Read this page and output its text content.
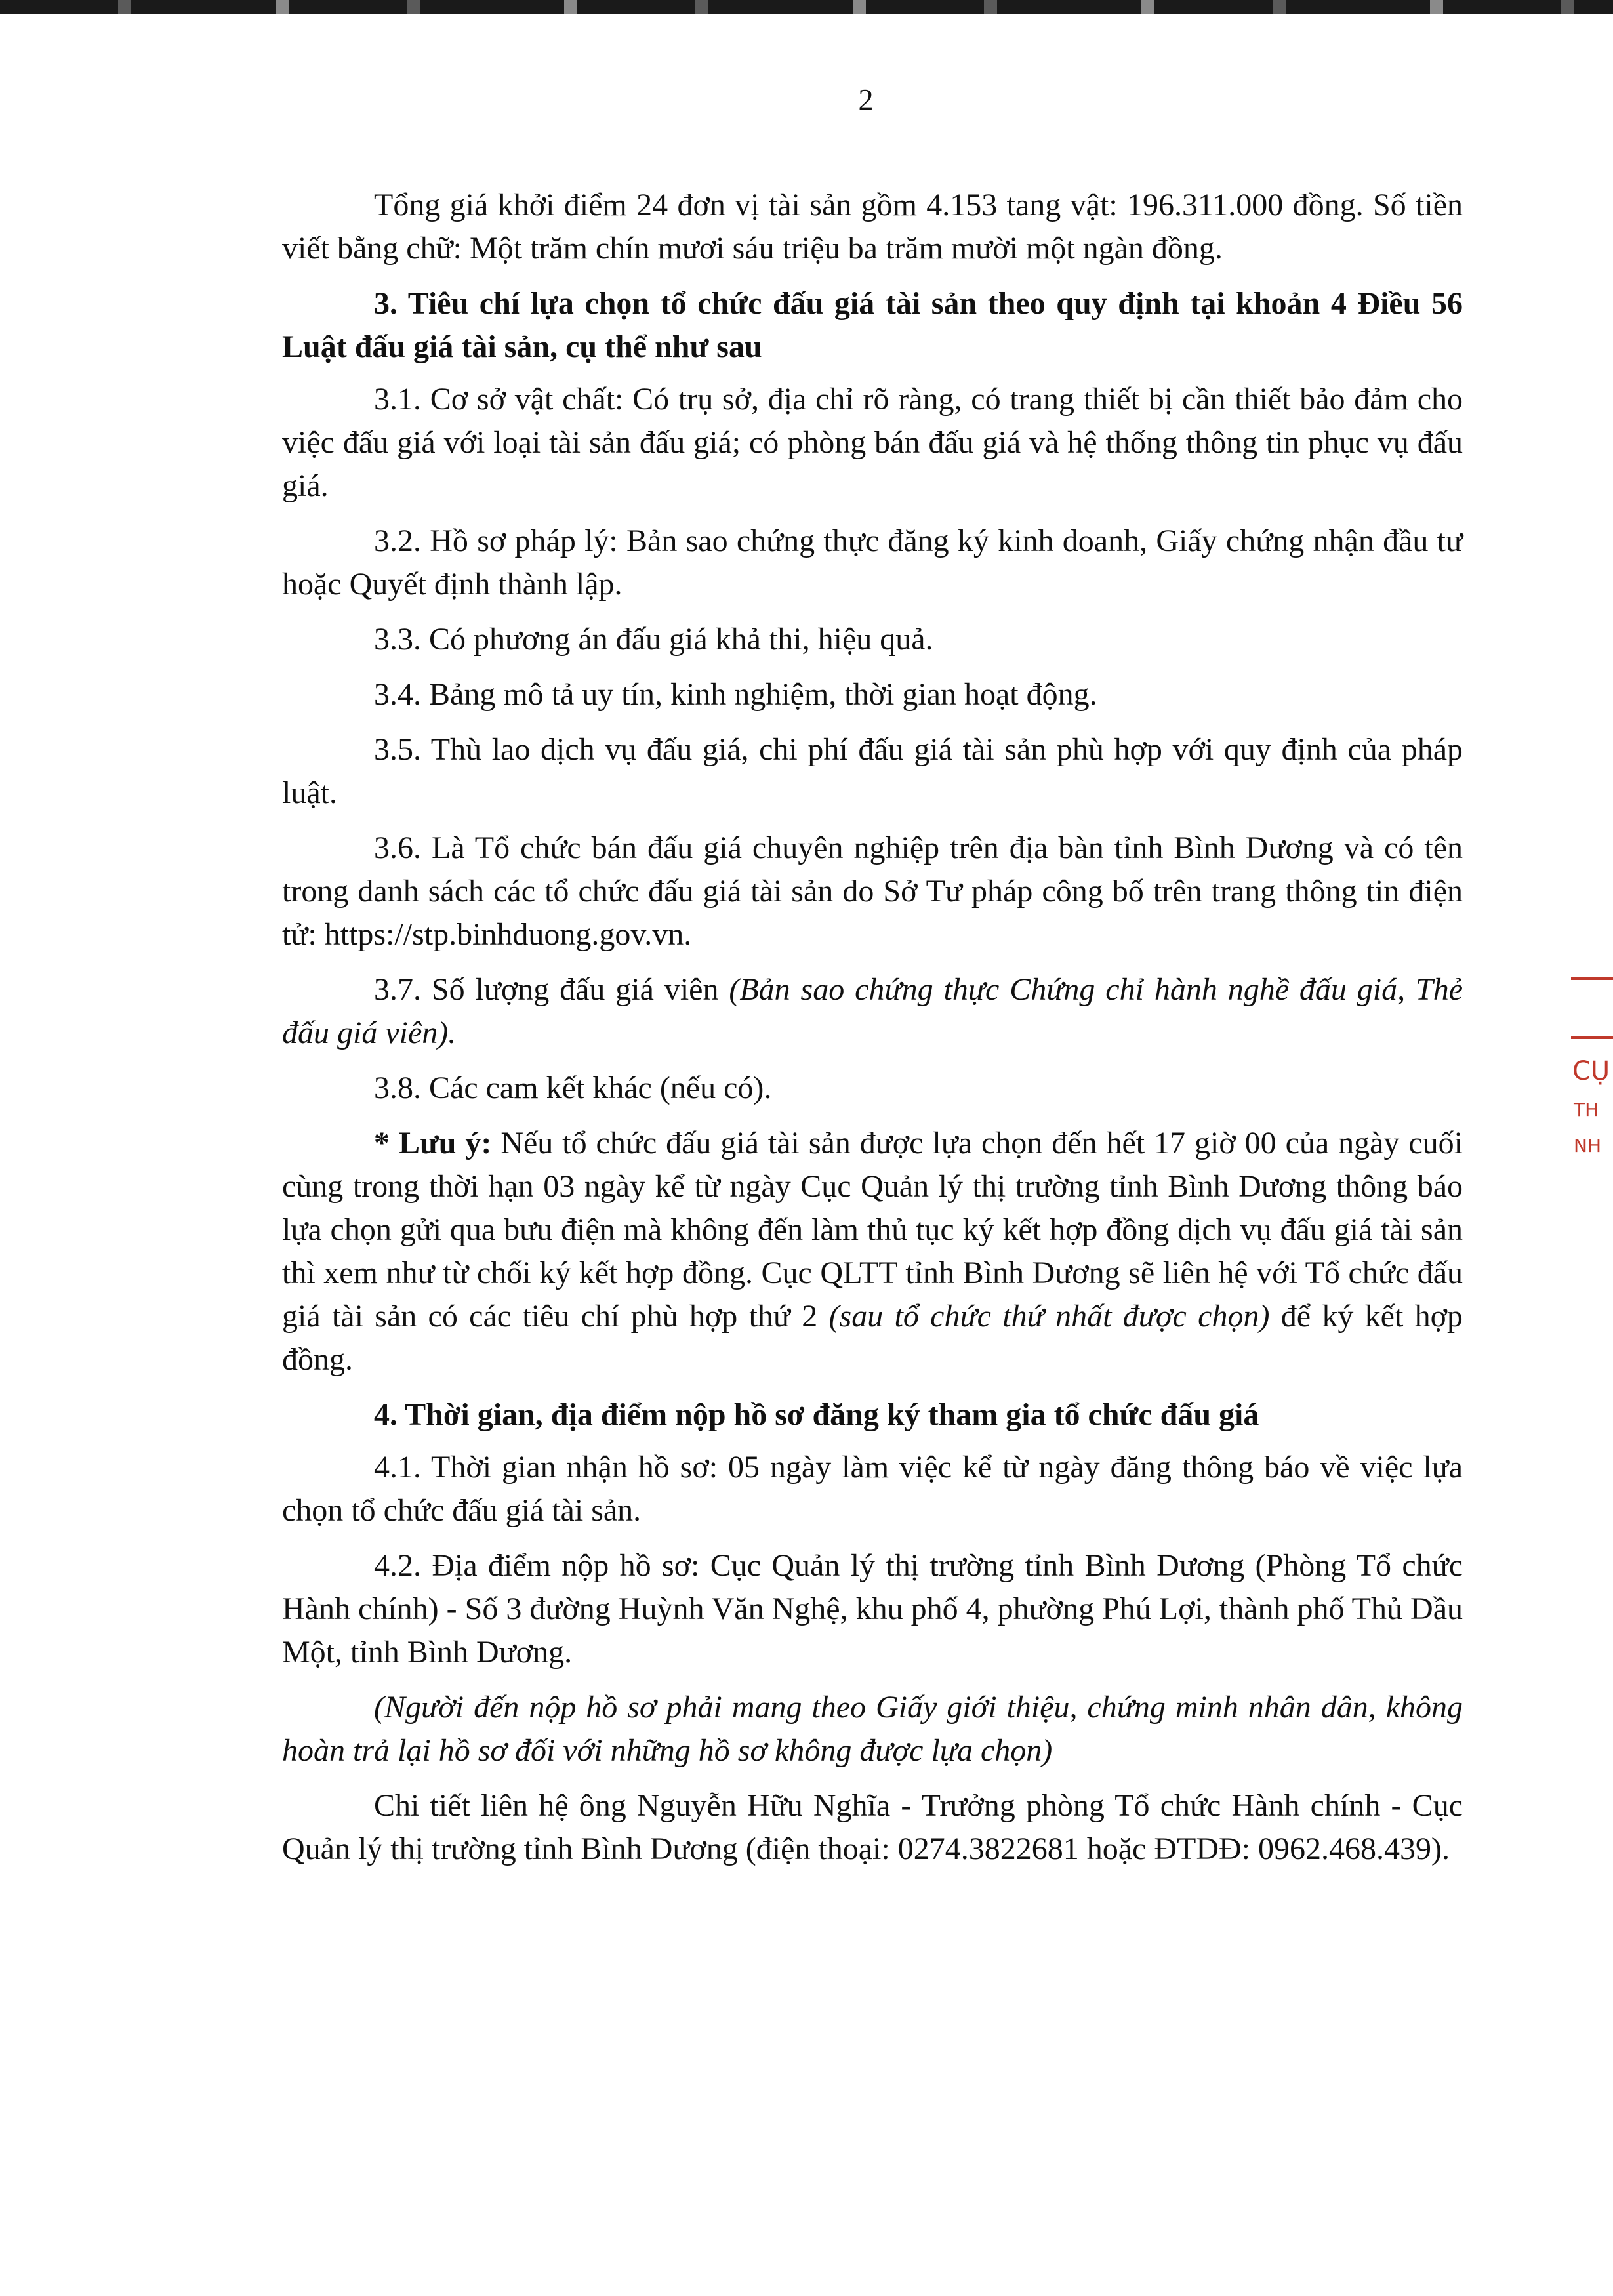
2

Tổng giá khởi điểm 24 đơn vị tài sản gồm 4.153 tang vật: 196.311.000 đồng. Số tiền viết bằng chữ: Một trăm chín mươi sáu triệu ba trăm mười một ngàn đồng.

3. Tiêu chí lựa chọn tổ chức đấu giá tài sản theo quy định tại khoản 4 Điều 56 Luật đấu giá tài sản, cụ thể như sau

3.1. Cơ sở vật chất: Có trụ sở, địa chỉ rõ ràng, có trang thiết bị cần thiết bảo đảm cho việc đấu giá với loại tài sản đấu giá; có phòng bán đấu giá và hệ thống thông tin phục vụ đấu giá.

3.2. Hồ sơ pháp lý: Bản sao chứng thực đăng ký kinh doanh, Giấy chứng nhận đầu tư hoặc Quyết định thành lập.

3.3. Có phương án đấu giá khả thi, hiệu quả.

3.4. Bảng mô tả uy tín, kinh nghiệm, thời gian hoạt động.

3.5. Thù lao dịch vụ đấu giá, chi phí đấu giá tài sản phù hợp với quy định của pháp luật.

3.6. Là Tổ chức bán đấu giá chuyên nghiệp trên địa bàn tỉnh Bình Dương và có tên trong danh sách các tổ chức đấu giá tài sản do Sở Tư pháp công bố trên trang thông tin điện tử: https://stp.binhduong.gov.vn.

3.7. Số lượng đấu giá viên (Bản sao chứng thực Chứng chỉ hành nghề đấu giá, Thẻ đấu giá viên).

3.8. Các cam kết khác (nếu có).

* Lưu ý: Nếu tổ chức đấu giá tài sản được lựa chọn đến hết 17 giờ 00 của ngày cuối cùng trong thời hạn 03 ngày kể từ ngày Cục Quản lý thị trường tỉnh Bình Dương thông báo lựa chọn gửi qua bưu điện mà không đến làm thủ tục ký kết hợp đồng dịch vụ đấu giá tài sản thì xem như từ chối ký kết hợp đồng. Cục QLTT tỉnh Bình Dương sẽ liên hệ với Tổ chức đấu giá tài sản có các tiêu chí phù hợp thứ 2 (sau tổ chức thứ nhất được chọn) để ký kết hợp đồng.

4. Thời gian, địa điểm nộp hồ sơ đăng ký tham gia tổ chức đấu giá

4.1. Thời gian nhận hồ sơ: 05 ngày làm việc kể từ ngày đăng thông báo về việc lựa chọn tổ chức đấu giá tài sản.

4.2. Địa điểm nộp hồ sơ: Cục Quản lý thị trường tỉnh Bình Dương (Phòng Tổ chức Hành chính) - Số 3 đường Huỳnh Văn Nghệ, khu phố 4, phường Phú Lợi, thành phố Thủ Dầu Một, tỉnh Bình Dương.

(Người đến nộp hồ sơ phải mang theo Giấy giới thiệu, chứng minh nhân dân, không hoàn trả lại hồ sơ đối với những hồ sơ không được lựa chọn)

Chi tiết liên hệ ông Nguyễn Hữu Nghĩa - Trưởng phòng Tổ chức Hành chính - Cục Quản lý thị trường tỉnh Bình Dương (điện thoại: 0274.3822681 hoặc ĐTDĐ: 0962.468.439).

CỤ
TH
NH
